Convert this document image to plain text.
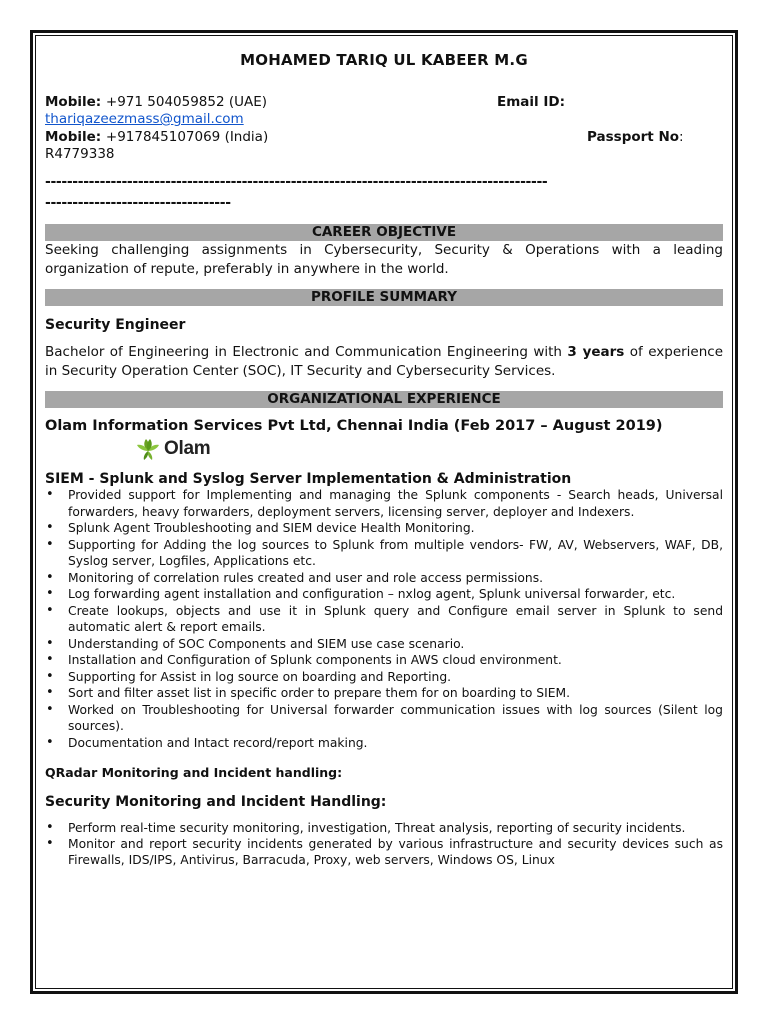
MOHAMED TARIQ UL KABEER M.G
Mobile: +971 504059852 (UAE)	Email ID:
thariqazeezmass@gmail.com
Mobile: +917845107069 (India)	Passport No:
R4779338
--------------------------------------------------------------------------------------------
----------------------------------
CAREER OBJECTIVE

Seeking challenging assignments in Cybersecurity, Security & Operations with a leading organization of repute, preferably in anywhere in the world.

PROFILE SUMMARY

Security Engineer

Bachelor of Engineering in Electronic and Communication Engineering with 3 years of experience in Security Operation Center (SOC), IT Security and Cybersecurity Services.

ORGANIZATIONAL EXPERIENCE

Olam Information Services Pvt Ltd, Chennai India (Feb 2017 – August 2019)

Olam

SIEM - Splunk and Syslog Server Implementation & Administration

• Provided support for Implementing and managing the Splunk components - Search heads, Universal forwarders, heavy forwarders, deployment servers, licensing server, deployer and Indexers.
• Splunk Agent Troubleshooting and SIEM device Health Monitoring.
• Supporting for Adding the log sources to Splunk from multiple vendors- FW, AV, Webservers, WAF, DB, Syslog server, Logfiles, Applications etc.
• Monitoring of correlation rules created and user and role access permissions.
• Log forwarding agent installation and configuration – nxlog agent, Splunk universal forwarder, etc.
• Create lookups, objects and use it in Splunk query and Configure email server in Splunk to send automatic alert & report emails.
• Understanding of SOC Components and SIEM use case scenario.
• Installation and Configuration of Splunk components in AWS cloud environment.
• Supporting for Assist in log source on boarding and Reporting.
• Sort and filter asset list in specific order to prepare them for on boarding to SIEM.
• Worked on Troubleshooting for Universal forwarder communication issues with log sources (Silent log sources).
• Documentation and Intact record/report making.

QRadar Monitoring and Incident handling:

Security Monitoring and Incident Handling:

• Perform real-time security monitoring, investigation, Threat analysis, reporting of security incidents.
• Monitor and report security incidents generated by various infrastructure and security devices such as Firewalls, IDS/IPS, Antivirus, Barracuda, Proxy, web servers, Windows OS, Linux
